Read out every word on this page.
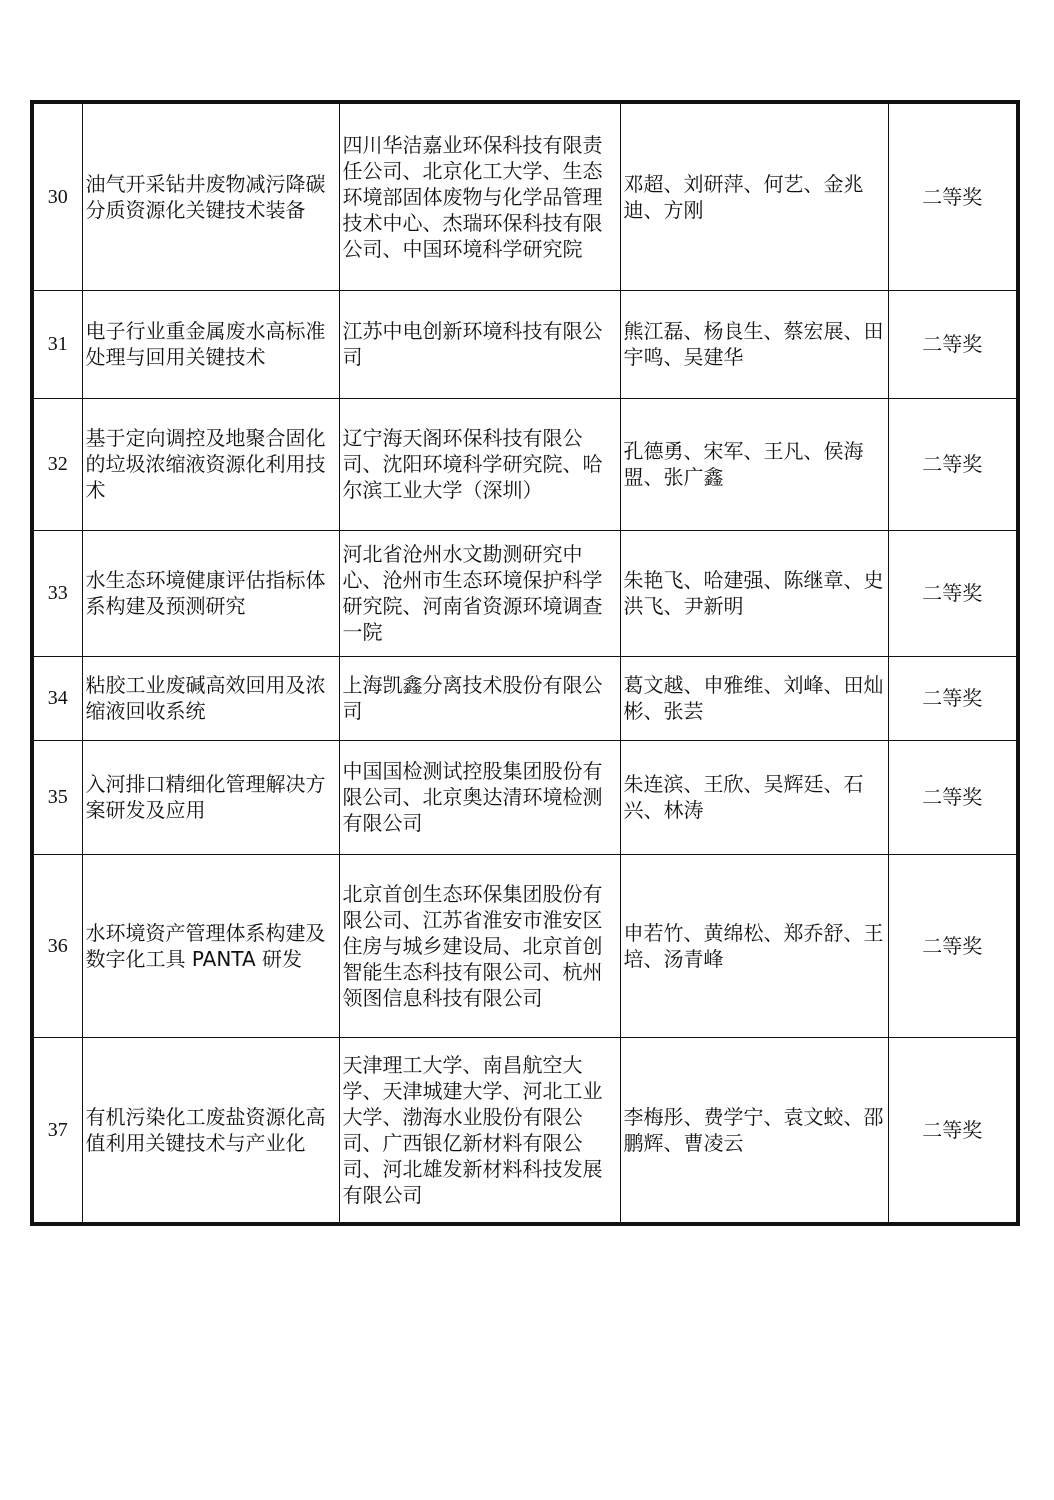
30	油气开采钻井废物减污降碳分质资源化关键技术装备	四川华洁嘉业环保科技有限责任公司、北京化工大学、生态环境部固体废物与化学品管理技术中心、杰瑞环保科技有限公司、中国环境科学研究院	邓超、刘研萍、何艺、金兆迪、方刚	二等奖
31	电子行业重金属废水高标准处理与回用关键技术	江苏中电创新环境科技有限公司	熊江磊、杨良生、蔡宏展、田宇鸣、吴建华	二等奖
32	基于定向调控及地聚合固化的垃圾浓缩液资源化利用技术	辽宁海天阁环保科技有限公司、沈阳环境科学研究院、哈尔滨工业大学（深圳）	孔德勇、宋军、王凡、侯海盟、张广鑫	二等奖
33	水生态环境健康评估指标体系构建及预测研究	河北省沧州水文勘测研究中心、沧州市生态环境保护科学研究院、河南省资源环境调查一院	朱艳飞、哈建强、陈继章、史洪飞、尹新明	二等奖
34	粘胶工业废碱高效回用及浓缩液回收系统	上海凯鑫分离技术股份有限公司	葛文越、申雅维、刘峰、田灿彬、张芸	二等奖
35	入河排口精细化管理解决方案研发及应用	中国国检测试控股集团股份有限公司、北京奥达清环境检测有限公司	朱连滨、王欣、吴辉廷、石兴、林涛	二等奖
36	水环境资产管理体系构建及数字化工具 PANTA 研发	北京首创生态环保集团股份有限公司、江苏省淮安市淮安区住房与城乡建设局、北京首创智能生态科技有限公司、杭州领图信息科技有限公司	申若竹、黄绵松、郑乔舒、王培、汤青峰	二等奖
37	有机污染化工废盐资源化高值利用关键技术与产业化	天津理工大学、南昌航空大学、天津城建大学、河北工业大学、渤海水业股份有限公司、广西银亿新材料有限公司、河北雄发新材料科技发展有限公司	李梅彤、费学宁、袁文蛟、邵鹏辉、曹凌云	二等奖
